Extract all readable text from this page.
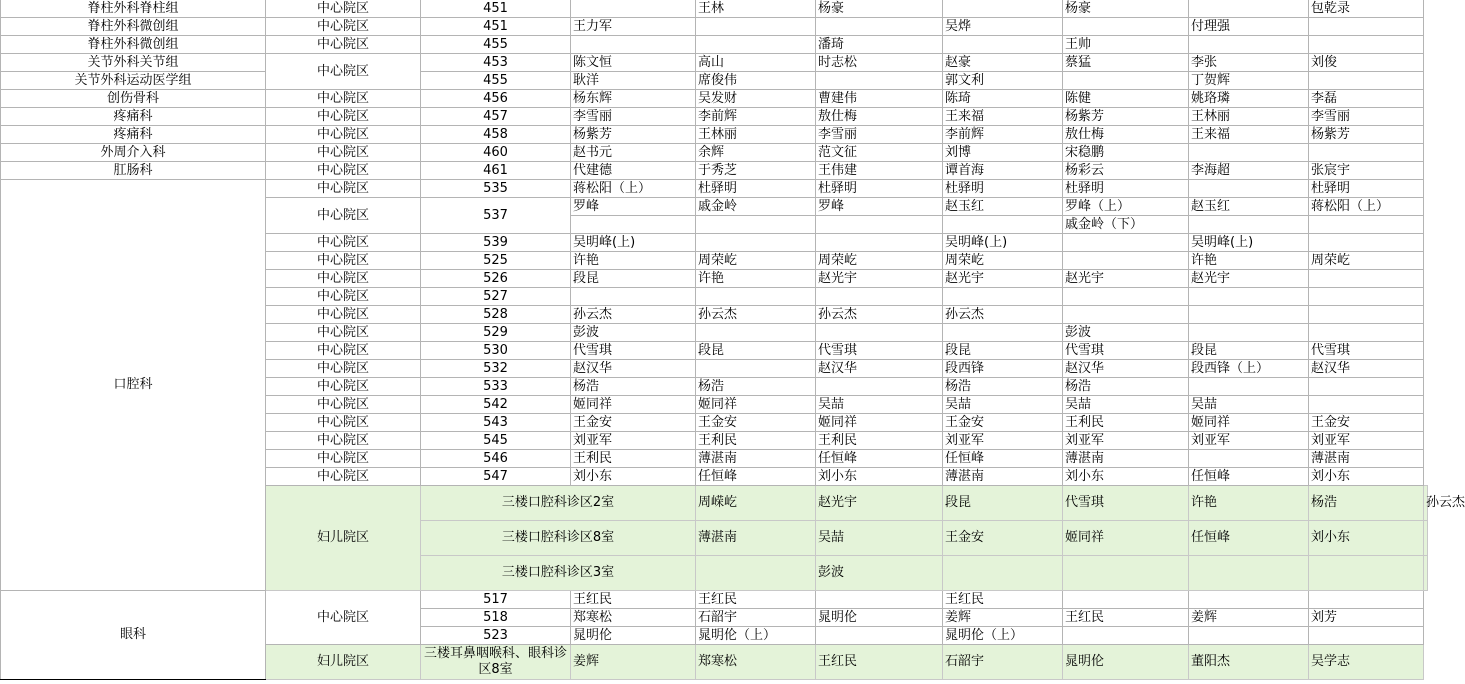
脊柱外科脊柱组	中心院区	451		王林	杨豪		杨豪		包乾录	
脊柱外科微创组	中心院区	451	王力军			吴烨		付理强		
脊柱外科微创组	中心院区	455			潘琦		王帅			
关节外科关节组	中心院区	453	陈文恒	高山	时志松	赵豪	蔡猛	李张	刘俊	
关节外科运动医学组		455	耿洋	席俊伟		郭文利		丁贺辉		
创伤骨科	中心院区	456	杨东辉	吴发财	曹建伟	陈琦	陈健	姚珞璘	李磊	
疼痛科	中心院区	457	李雪丽	李前辉	敖仕梅	王来福	杨紫芳	王林丽	李雪丽	
疼痛科	中心院区	458	杨紫芳	王林丽	李雪丽	李前辉	敖仕梅	王来福	杨紫芳	
外周介入科	中心院区	460	赵书元	余辉	范文征	刘博	宋稳鹏			
肛肠科	中心院区	461	代建德	于秀芝	王伟建	谭首海	杨彩云	李海超	张宸宇	
口腔科	中心院区	535	蒋松阳（上）	杜驿明	杜驿明	杜驿明	杜驿明		杜驿明	
	中心院区	537	罗峰	戚金岭	罗峰	赵玉红	罗峰（上）	赵玉红	蒋松阳（上）	
							戚金岭（下）			
	中心院区	539	吴明峰(上)			吴明峰(上)		吴明峰(上)		
	中心院区	525	许艳	周荣屹	周荣屹	周荣屹		许艳	周荣屹	
	中心院区	526	段昆	许艳	赵光宇	赵光宇	赵光宇	赵光宇		
	中心院区	527								
	中心院区	528	孙云杰	孙云杰	孙云杰	孙云杰				
	中心院区	529	彭波				彭波			
	中心院区	530	代雪琪	段昆	代雪琪	段昆	代雪琪	段昆	代雪琪	
	中心院区	532	赵汉华		赵汉华	段西锋	赵汉华	段西锋（上）	赵汉华	
	中心院区	533	杨浩	杨浩		杨浩	杨浩			
	中心院区	542	姬同祥	姬同祥	吴喆	吴喆	吴喆	吴喆		
	中心院区	543	王金安	王金安	姬同祥	王金安	王利民	姬同祥	王金安	
	中心院区	545	刘亚军	王利民	王利民	刘亚军	刘亚军	刘亚军	刘亚军	
	中心院区	546	王利民	薄湛南	任恒峰	任恒峰	薄湛南		薄湛南	
	中心院区	547	刘小东	任恒峰	刘小东	薄湛南	刘小东	任恒峰	刘小东	
	妇儿院区	三楼口腔科诊区2室		周嵘屹	赵光宇	段昆	代雪琪	许艳	杨浩	孙云杰
		三楼口腔科诊区8室		薄湛南	吴喆	王金安	姬同祥	任恒峰	刘小东	
		三楼口腔科诊区3室			彭波					
眼科	中心院区	517	王红民	王红民		王红民				
		518	郑寒松	石韶宇	晁明伦	姜辉	王红民	姜辉	刘芳	
		523	晁明伦	晁明伦（上）		晁明伦（上）				
	妇儿院区	三楼耳鼻咽喉科、眼科诊区8室	姜辉	郑寒松	王红民	石韶宇	晁明伦	董阳杰	吴学志	
